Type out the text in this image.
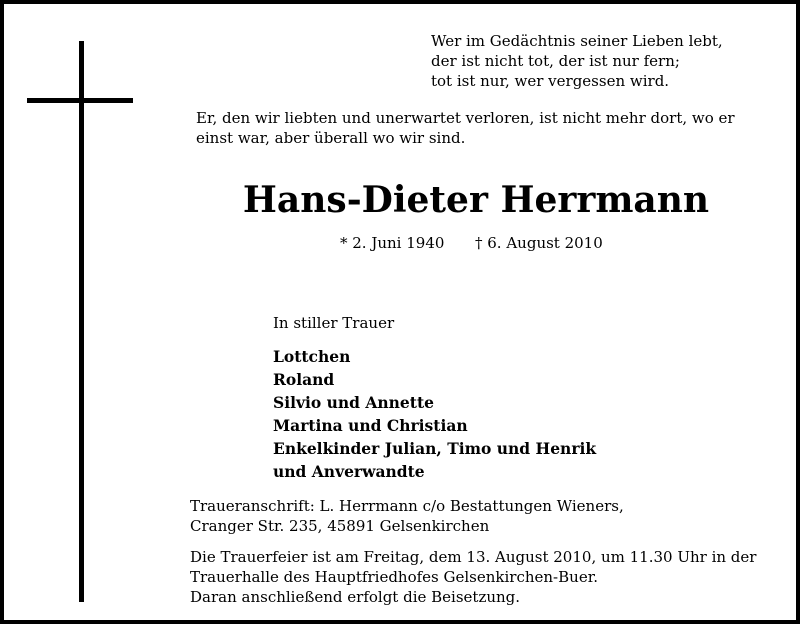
Wer im Gedächtnis seiner Lieben lebt,
der ist nicht tot, der ist nur fern;
tot ist nur, wer vergessen wird.
Er, den wir liebten und unerwartet verloren, ist nicht mehr dort, wo er
einst war, aber überall wo wir sind.
Hans-Dieter Herrmann
* 2. Juni 1940 † 6. August 2010
In stiller Trauer
Lottchen
Roland
Silvio und Annette
Martina und Christian
Enkelkinder Julian, Timo und Henrik
und Anverwandte
Traueranschrift: L. Herrmann c/o Bestattungen Wieners,
Cranger Str. 235, 45891 Gelsenkirchen
Die Trauerfeier ist am Freitag, dem 13. August 2010, um 11.30 Uhr in der
Trauerhalle des Hauptfriedhofes Gelsenkirchen-Buer.
Daran anschließend erfolgt die Beisetzung.
